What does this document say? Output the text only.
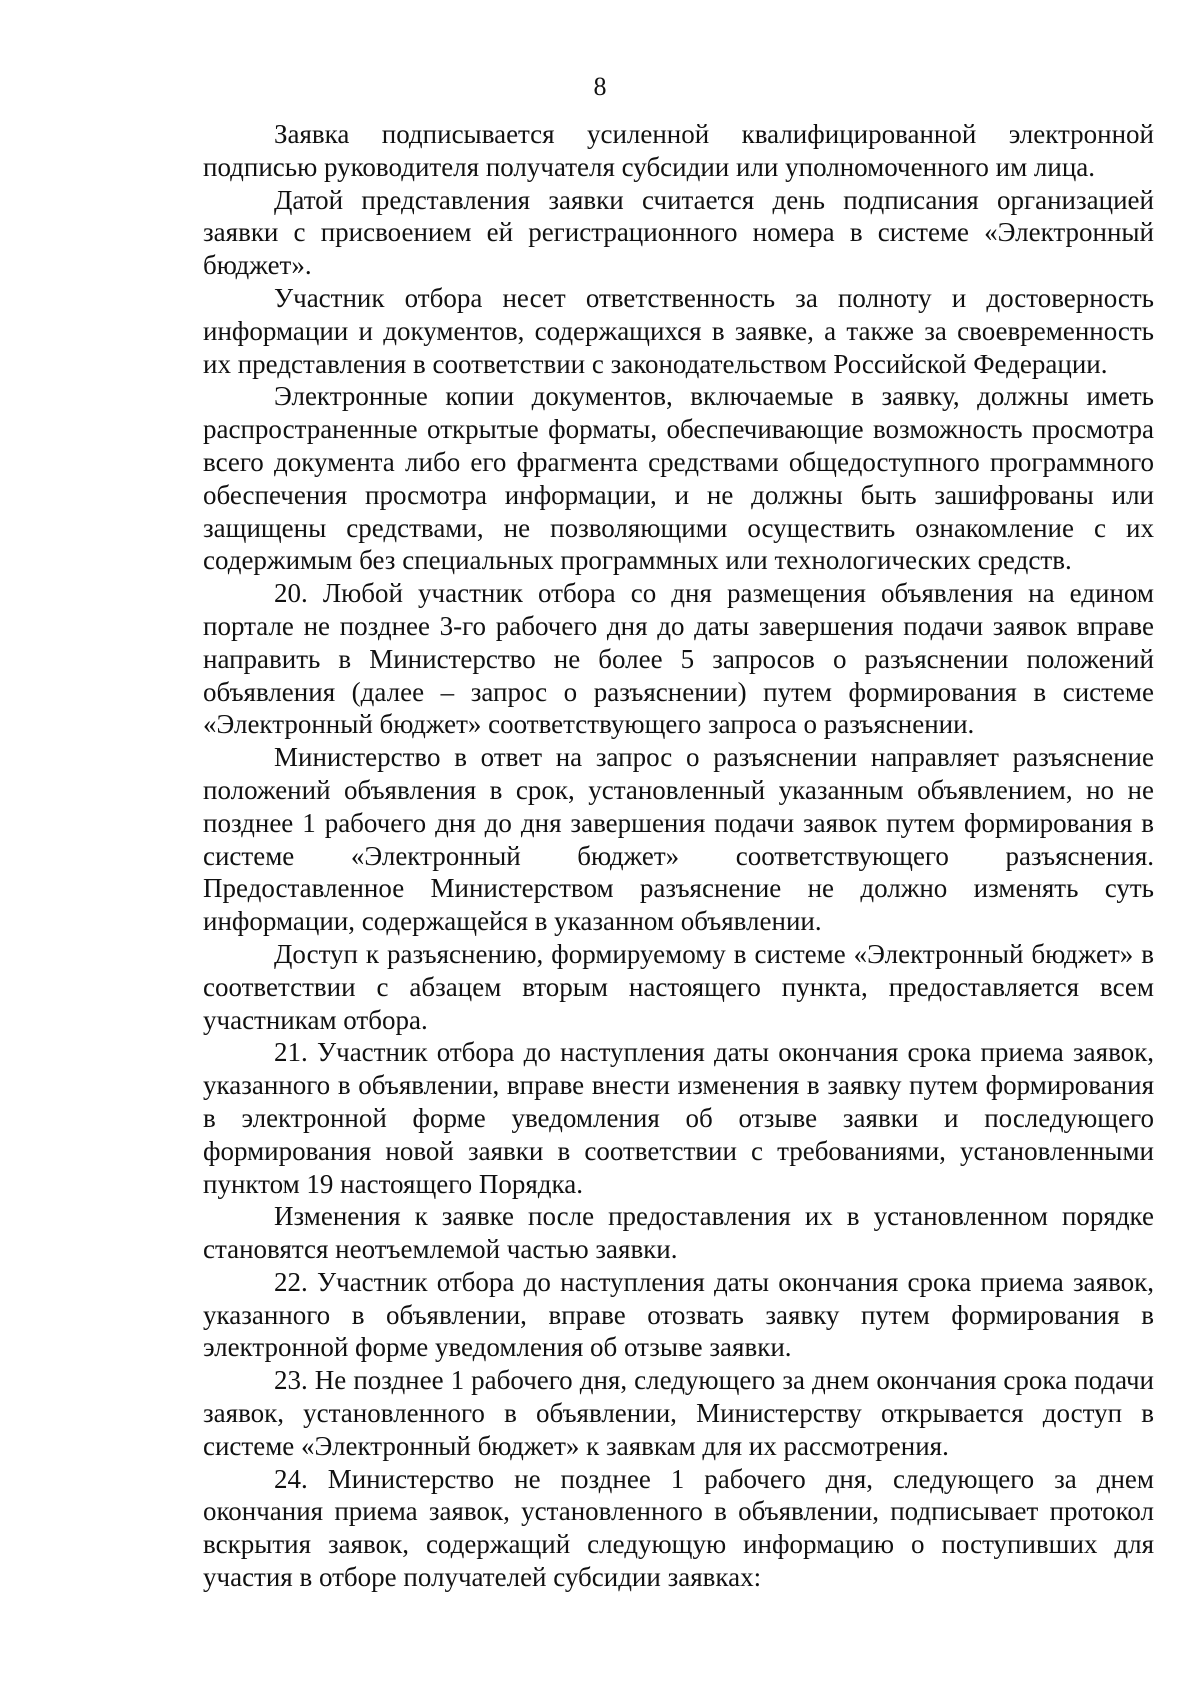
8

Заявка подписывается усиленной квалифицированной электронной подписью руководителя получателя субсидии или уполномоченного им лица.

Датой представления заявки считается день подписания организацией заявки с присвоением ей регистрационного номера в системе «Электронный бюджет».

Участник отбора несет ответственность за полноту и достоверность информации и документов, содержащихся в заявке, а также за своевременность их представления в соответствии с законодательством Российской Федерации.

Электронные копии документов, включаемые в заявку, должны иметь распространенные открытые форматы, обеспечивающие возможность просмотра всего документа либо его фрагмента средствами общедоступного программного обеспечения просмотра информации, и не должны быть зашифрованы или защищены средствами, не позволяющими осуществить ознакомление с их содержимым без специальных программных или технологических средств.

20. Любой участник отбора со дня размещения объявления на едином портале не позднее 3-го рабочего дня до даты завершения подачи заявок вправе направить в Министерство не более 5 запросов о разъяснении положений объявления (далее – запрос о разъяснении) путем формирования в системе «Электронный бюджет» соответствующего запроса о разъяснении.

Министерство в ответ на запрос о разъяснении направляет разъяснение положений объявления в срок, установленный указанным объявлением, но не позднее 1 рабочего дня до дня завершения подачи заявок путем формирования в системе «Электронный бюджет» соответствующего разъяснения. Предоставленное Министерством разъяснение не должно изменять суть информации, содержащейся в указанном объявлении.

Доступ к разъяснению, формируемому в системе «Электронный бюджет» в соответствии с абзацем вторым настоящего пункта, предоставляется всем участникам отбора.

21. Участник отбора до наступления даты окончания срока приема заявок, указанного в объявлении, вправе внести изменения в заявку путем формирования в электронной форме уведомления об отзыве заявки и последующего формирования новой заявки в соответствии с требованиями, установленными пунктом 19 настоящего Порядка.

Изменения к заявке после предоставления их в установленном порядке становятся неотъемлемой частью заявки.

22. Участник отбора до наступления даты окончания срока приема заявок, указанного в объявлении, вправе отозвать заявку путем формирования в электронной форме уведомления об отзыве заявки.

23. Не позднее 1 рабочего дня, следующего за днем окончания срока подачи заявок, установленного в объявлении, Министерству открывается доступ в системе «Электронный бюджет» к заявкам для их рассмотрения.

24. Министерство не позднее 1 рабочего дня, следующего за днем окончания приема заявок, установленного в объявлении, подписывает протокол вскрытия заявок, содержащий следующую информацию о поступивших для участия в отборе получателей субсидии заявках:
